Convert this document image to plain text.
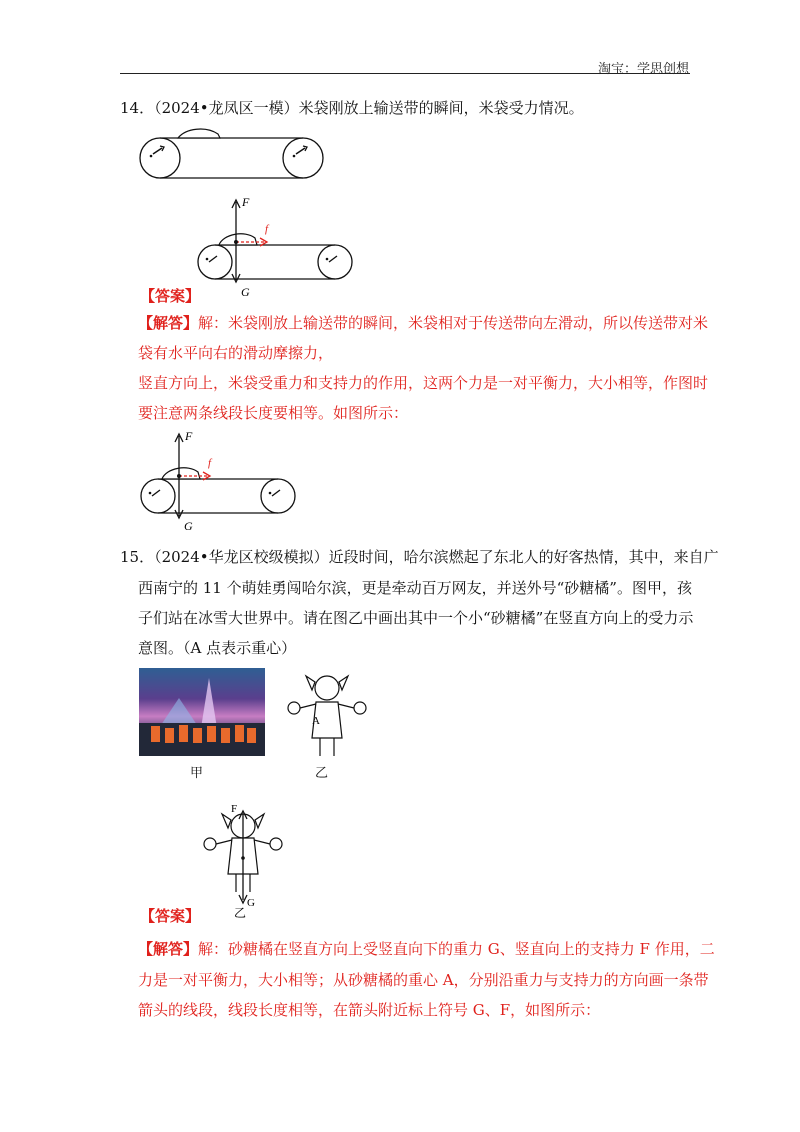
淘宝：学思创想
14．（2024•龙凤区一模）米袋刚放上输送带的瞬间，米袋受力情况。
F
f
G
【答案】
【解答】解：米袋刚放上输送带的瞬间，米袋相对于传送带向左滑动，所以传送带对米
袋有水平向右的滑动摩擦力，
竖直方向上，米袋受重力和支持力的作用，这两个力是一对平衡力，大小相等，作图时
要注意两条线段长度要相等。如图所示：
F
f
G
15．（2024•华龙区校级模拟）近段时间，哈尔滨燃起了东北人的好客热情，其中，来自广
西南宁的 11 个萌娃勇闯哈尔滨，更是牵动百万网友，并送外号“砂糖橘”。图甲，孩
子们站在冰雪大世界中。请在图乙中画出其中一个小“砂糖橘”在竖直方向上的受力示
意图。（A 点表示重心）
甲
A
乙
F
G
乙
【答案】
【解答】解：砂糖橘在竖直方向上受竖直向下的重力 G、竖直向上的支持力 F 作用，二
力是一对平衡力，大小相等；从砂糖橘的重心 A，分别沿重力与支持力的方向画一条带
箭头的线段，线段长度相等，在箭头附近标上符号 G、F，如图所示：
